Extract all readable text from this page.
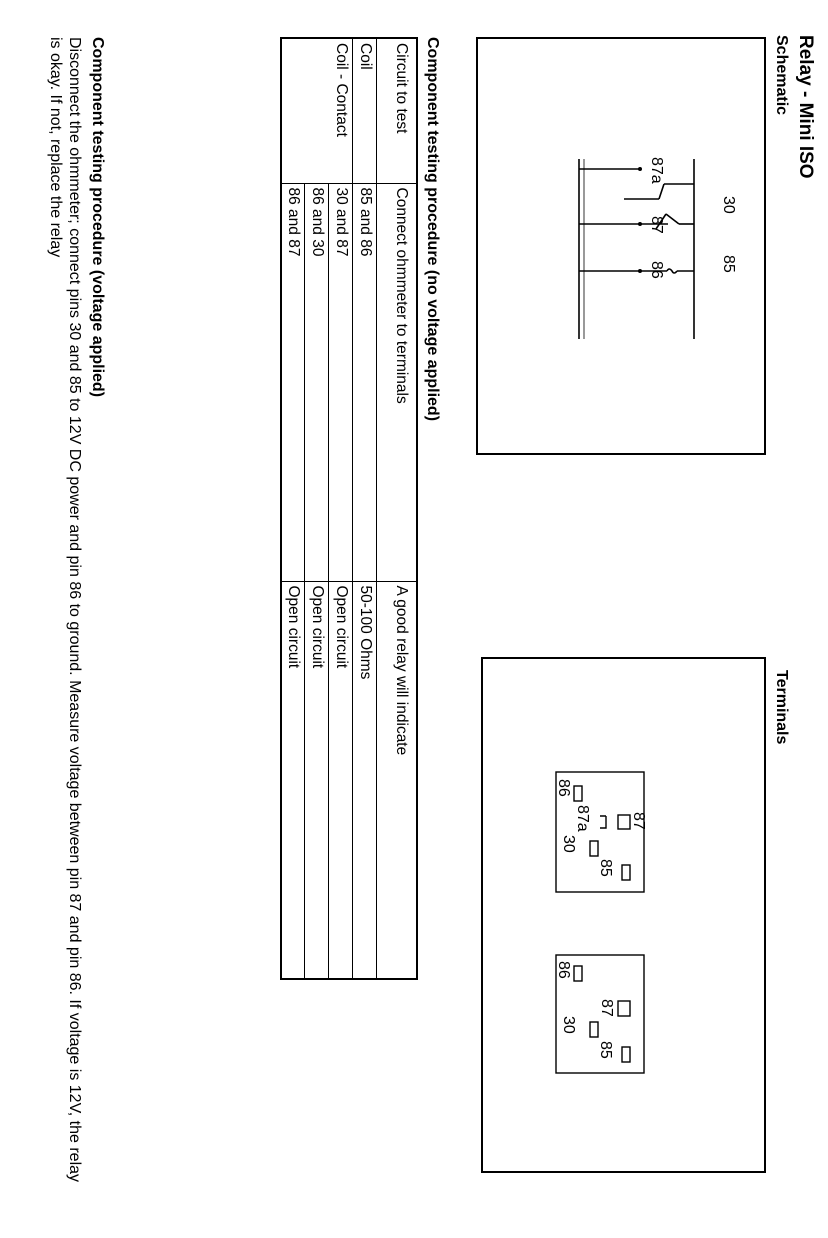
Relay - Mini ISO
Schematic
Terminals
30
85
87a
87
86
86
87
87a
30
85
86
87
30
85
Component testing procedure (no voltage applied)
Circuit to test	Connect ohmmeter to terminals	A good relay will indicate
Coil	85 and 86	50-100 Ohms
Coil - Contact	30 and 87	Open circuit
	86 and 30	Open circuit
	86 and 87	Open circuit
Component testing procedure (voltage applied)
Disconnect the ohmmeter; connect pins 30 and 85 to 12V DC power and pin 86 to ground. Measure voltage between pin 87 and pin 86. If voltage is 12V, the relay is okay. If not, replace the relay
